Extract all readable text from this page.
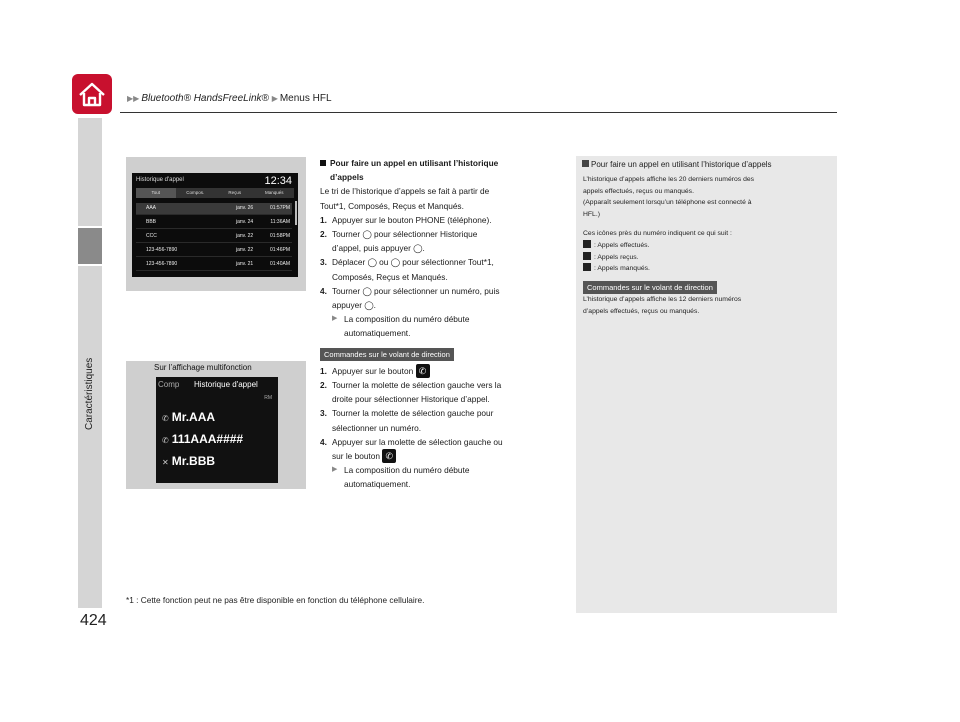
▶▶ Bluetooth® HandsFreeLink® ▶ Menus HFL
Caractéristiques
424
Historique d'appel	12:34
Tout	Compos.	Reçus	Manqués
AAA	janv. 26	01:57PM
BBB	janv. 24	11:36AM
CCC	janv. 22	01:58PM
123-456-7890	janv. 22	01:46PM
123-456-7890	janv. 21	01:40AM
Sur l’affichage multifonction
Comp Historique d'appel
RM
✆ Mr.AAA
✆ 111AAA####
✕ Mr.BBB

Pour faire un appel en utilisant l’historique

d’appels

Le tri de l’historique d’appels se fait à partir de

Tout*1, Composés, Reçus et Manqués.

1. Appuyer sur le bouton PHONE (téléphone).
2. Tourner ◯ pour sélectionner Historique
d’appel, puis appuyer ◯.
3. Déplacer ◯ ou ◯ pour sélectionner Tout*1,
Composés, Reçus et Manqués.
4. Tourner ◯ pour sélectionner un numéro, puis
appuyer ◯.
▶ La composition du numéro débute
automatiquement.

Commandes sur le volant de direction

1. Appuyer sur le bouton
✆
2. Tourner la molette de sélection gauche vers la
droite pour sélectionner Historique d’appel.
3. Tourner la molette de sélection gauche pour
sélectionner un numéro.
4. Appuyer sur la molette de sélection gauche ou
sur le bouton
✆
▶ La composition du numéro débute
automatiquement.
*1 : Cette fonction peut ne pas être disponible en fonction du téléphone cellulaire.
Pour faire un appel en utilisant l’historique d’appels

L’historique d’appels affiche les 20 derniers numéros des

appels effectués, reçus ou manqués.

(Apparaît seulement lorsqu’un téléphone est connecté à

HFL.)

Ces icônes près du numéro indiquent ce qui suit :

: Appels effectués.

: Appels reçus.

: Appels manqués.

Commandes sur le volant de direction

L’historique d’appels affiche les 12 derniers numéros

d’appels effectués, reçus ou manqués.
